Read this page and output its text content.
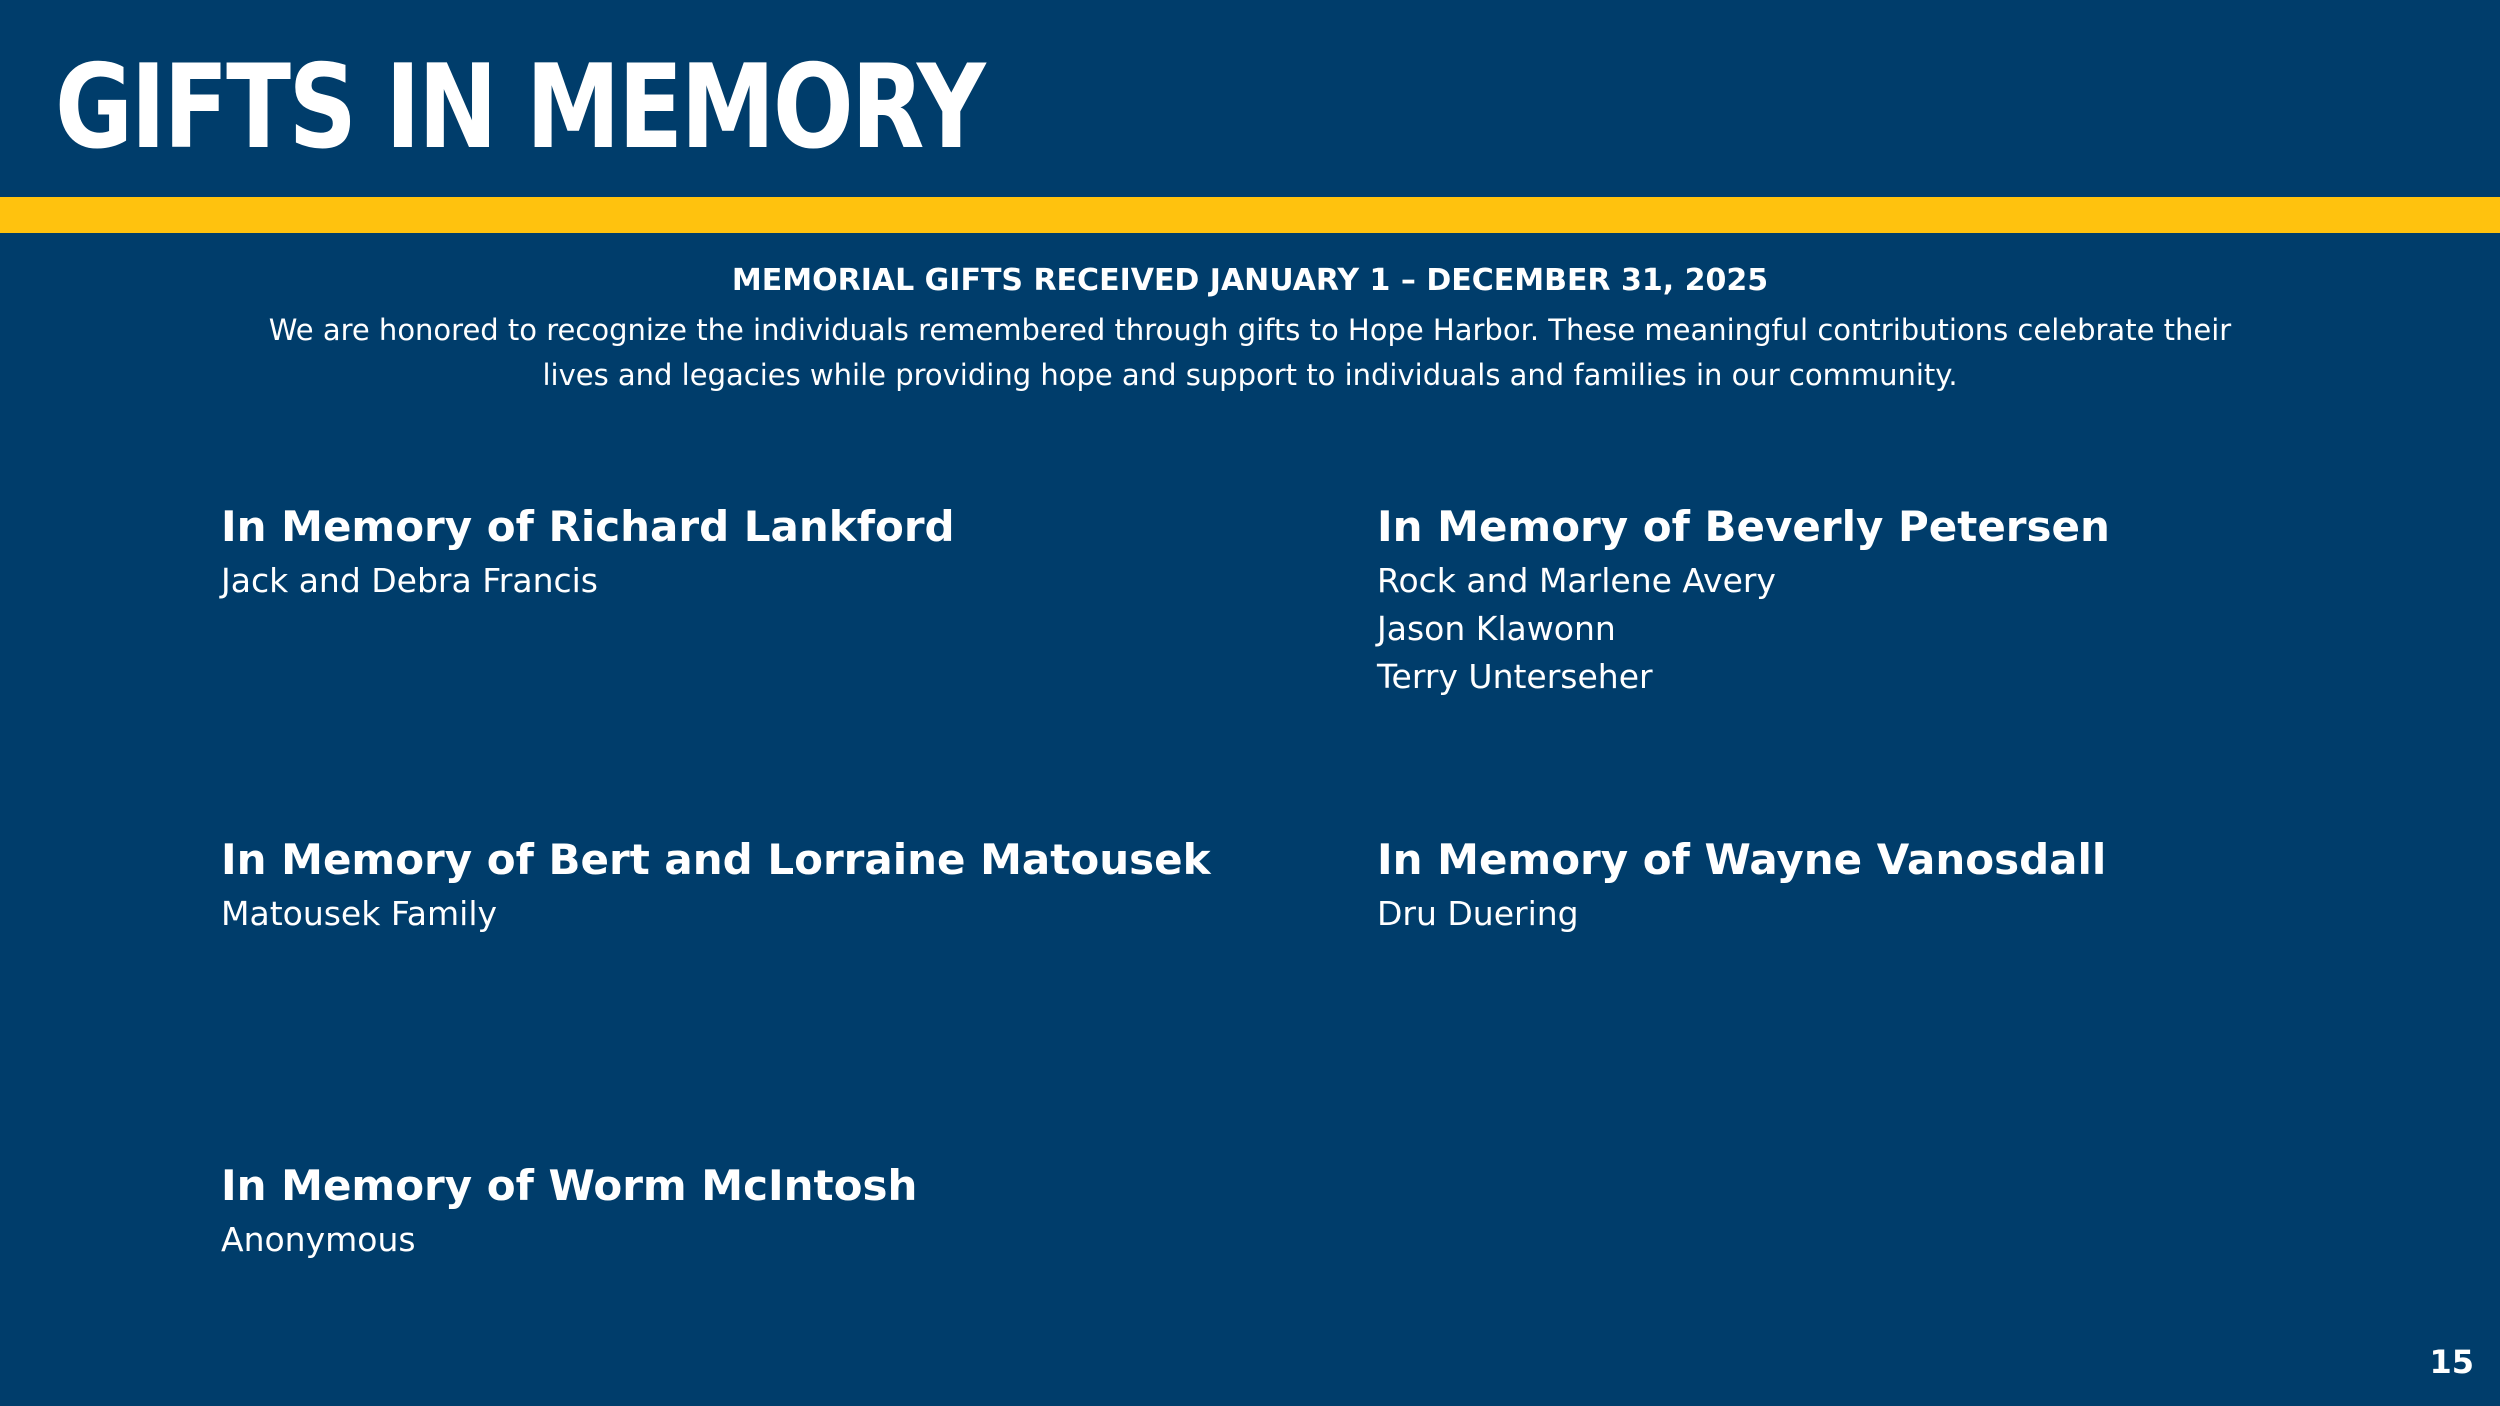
GIFTS IN MEMORY

MEMORIAL GIFTS RECEIVED JANUARY 1 – DECEMBER 31, 2025

We are honored to recognize the individuals remembered through gifts to Hope Harbor. These meaningful contributions celebrate their lives and legacies while providing hope and support to individuals and families in our community.

In Memory of Richard Lankford
Jack and Debra Francis
In Memory of Beverly Petersen
Rock and Marlene Avery
Jason Klawonn
Terry Unterseher
In Memory of Bert and Lorraine Matousek
Matousek Family
In Memory of Wayne Vanosdall
Dru Duering
In Memory of Worm McIntosh
Anonymous
15
